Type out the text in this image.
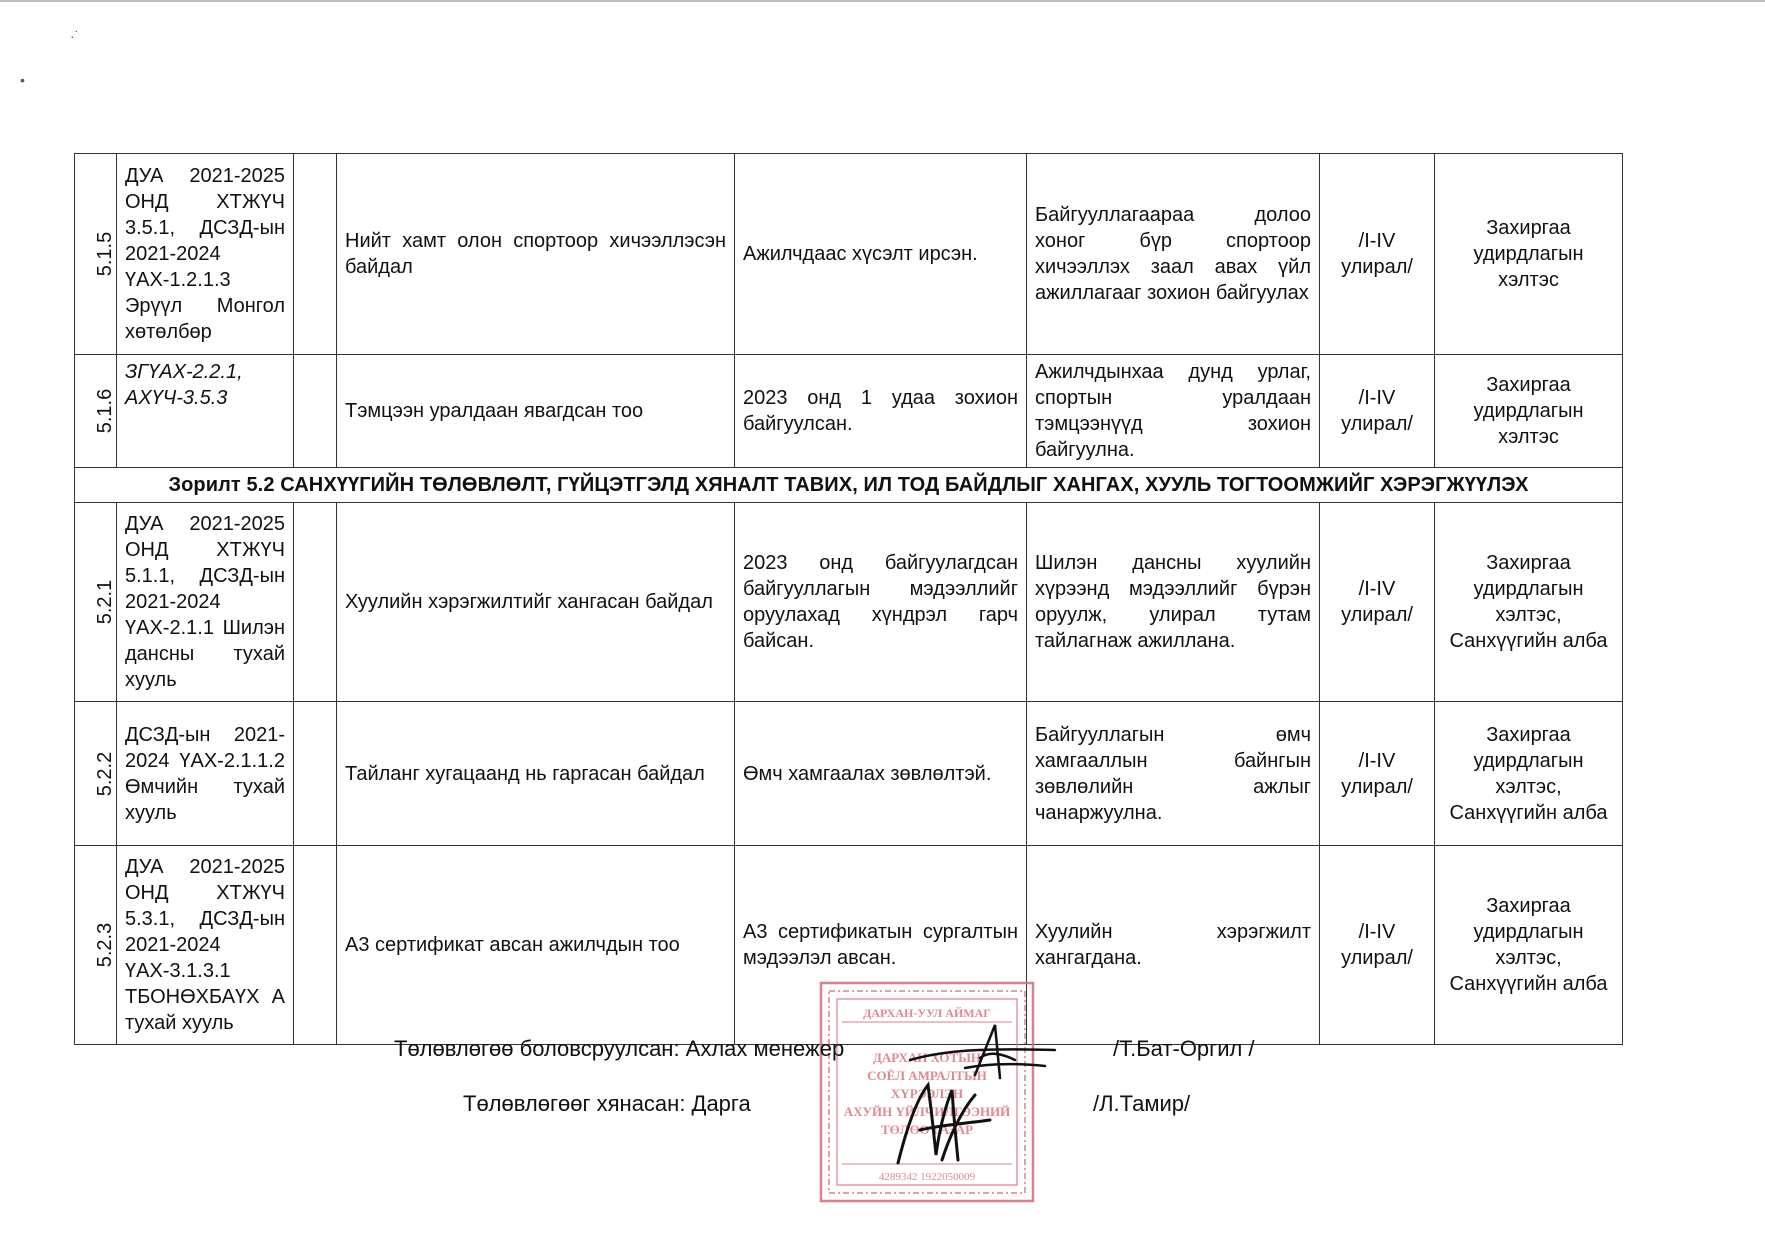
·˙
•
5.1.5	ДУА 2021-2025 ОНД ХТЖҮЧ 3.5.1, ДСЗД-ын 2021-2024 ҮАХ-1.2.1.3 Эрүүл Монгол хөтөлбөр		Нийт хамт олон спортоор хичээллэсэн байдал	Ажилчдаас хүсэлт ирсэн.	Байгууллагаараа долоо хоног бүр спортоор хичээллэх заал авах үйл ажиллагааг зохион байгуулах	/I-IV улирал/	Захиргаа удирдлагын хэлтэс
5.1.6	ЗГҮАХ-2.2.1, АХҮЧ-3.5.3		Тэмцээн уралдаан явагдсан тоо	2023 онд 1 удаа зохион байгуулсан.	Ажилчдынхаа дунд урлаг, спортын уралдаан тэмцээнүүд зохион байгуулна.	/I-IV улирал/	Захиргаа удирдлагын хэлтэс
Зорилт 5.2 САНХҮҮГИЙН ТӨЛӨВЛӨЛТ, ГҮЙЦЭТГЭЛД ХЯНАЛТ ТАВИХ, ИЛ ТОД БАЙДЛЫГ ХАНГАХ, ХУУЛЬ ТОГТООМЖИЙГ ХЭРЭГЖҮҮЛЭХ							
5.2.1	ДУА 2021-2025 ОНД ХТЖҮЧ 5.1.1, ДСЗД-ын 2021-2024 ҮАХ-2.1.1 Шилэн дансны тухай хууль		Хуулийн хэрэгжилтийг хангасан байдал	2023 онд байгуулагдсан байгууллагын мэдээллийг оруулахад хүндрэл гарч байсан.	Шилэн дансны хуулийн хүрээнд мэдээллийг бүрэн оруулж, улирал тутам тайлагнаж ажиллана.	/I-IV улирал/	Захиргаа удирдлагын хэлтэс, Санхүүгийн алба
5.2.2	ДСЗД-ын 2021-2024 ҮАХ-2.1.1.2 Өмчийн тухай хууль		Тайланг хугацаанд нь гаргасан байдал	Өмч хамгаалах зөвлөлтэй.	Байгууллагын өмч хамгааллын байнгын зөвлөлийн ажлыг чанаржуулна.	/I-IV улирал/	Захиргаа удирдлагын хэлтэс, Санхүүгийн алба
5.2.3	ДУА 2021-2025 ОНД ХТЖҮЧ 5.3.1, ДСЗД-ын 2021-2024 ҮАХ-3.1.3.1 ТБОНӨХБАҮХ А тухай хууль		А3 сертификат авсан ажилчдын тоо	А3 сертификатын сургалтын мэдээлэл авсан.	Хуулийн хэрэгжилт хангагдана.	/I-IV улирал/	Захиргаа удирдлагын хэлтэс, Санхүүгийн алба
ДАРХАН-УУЛ АЙМАГ
ДАРХАН ХОТЫН
СОЁЛ АМРАЛТЫН
ХҮРЭЭЛЭН
АХУЙН ҮЙЛЧИЛГЭЭНИЙ
ТӨЛӨӨ ГАЗАР
4289342 1922050009
Төлөвлөгөө боловсруулсан: Ахлах менежер	/Т.Бат-Оргил /
Төлөвлөгөөг хянасан: Дарга	/Л.Тамир/
